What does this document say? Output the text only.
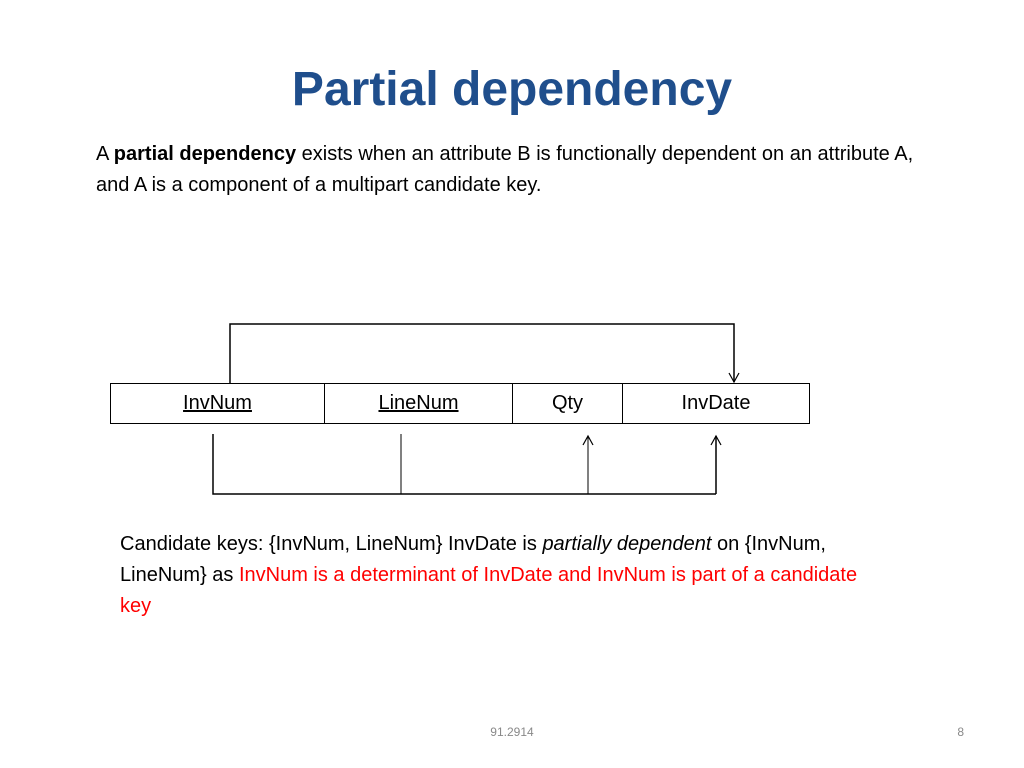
Partial dependency
A partial dependency exists when an attribute B is functionally dependent on an attribute A, and A is a component of a multipart candidate key.
InvNum	LineNum	Qty	InvDate
Candidate keys: {InvNum, LineNum} InvDate is partially dependent on {InvNum, LineNum} as InvNum is a determinant of InvDate and InvNum is part of a candidate key
91.2914	8
